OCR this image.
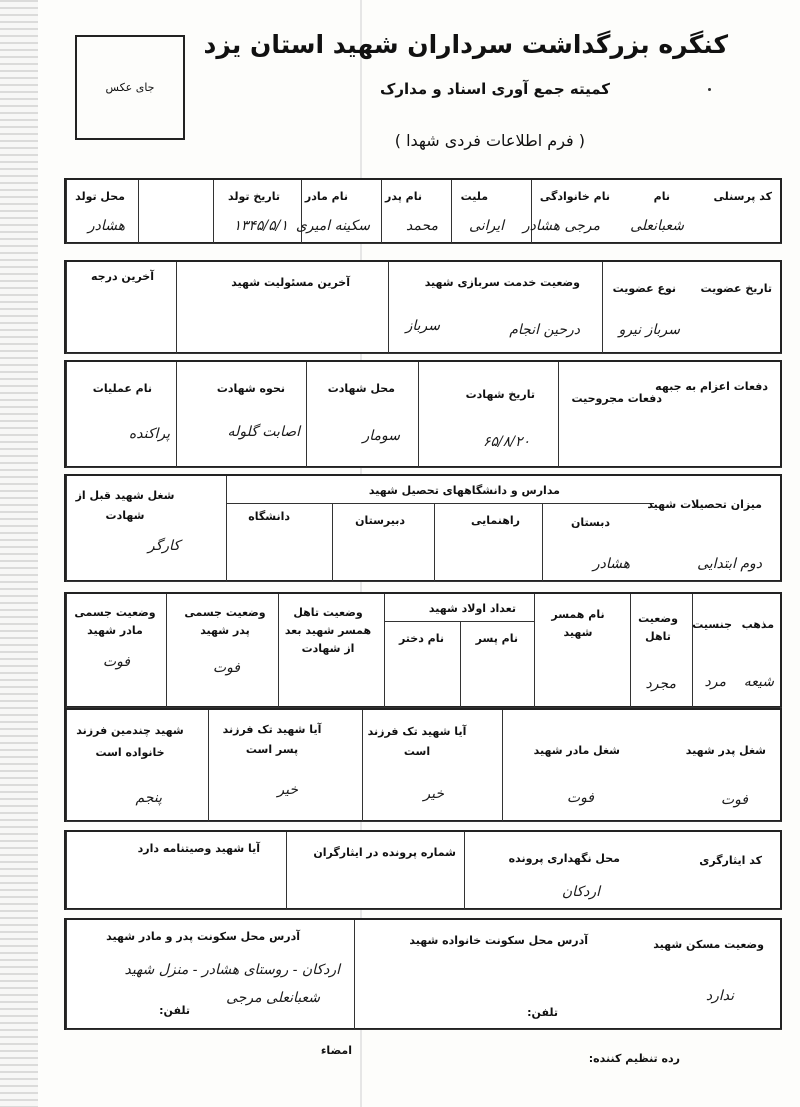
کنگره بزرگداشت سرداران شهید استان یزد
کمیته جمع آوری اسناد و مدارک
( فرم اطلاعات فردی شهدا )
جای عکس
کد پرسنلی
نام
نام خانوادگی
ملیت
نام پدر
نام مادر
تاریخ تولد
محل تولد
شعبانعلی
مرجی هشادر
ایرانی
محمد
سکینه امیری
۱۳۴۵/۵/۱
هشادر
تاریخ عضویت
نوع عضویت
وضعیت خدمت سربازی شهید
آخرین مسئولیت شهید
آخرین درجه
سرباز نیرو
درحین انجام
سرباز
دفعات اعزام به جبهه
دفعات مجروحیت
تاریخ شهادت
محل شهادت
نحوه شهادت
نام عملیات
۶۵/۸/۲۰
سومار
اصابت گلوله
پراکنده
میزان تحصیلات شهید
مدارس و دانشگاههای تحصیل شهید
دبستان
راهنمایی
دبیرستان
دانشگاه
شغل شهید قبل از شهادت
دوم ابتدایی
هشادر
کارگر
مذهب
جنسیت
وضعیت تاهل
نام همسر شهید
تعداد اولاد شهید
نام پسر
نام دختر
وضعیت تاهل همسر شهید بعد از شهادت
وضعیت جسمی پدر شهید
وضعیت جسمی مادر شهید
شیعه
مرد
مجرد
فوت
فوت
شغل پدر شهید
شغل مادر شهید
آیا شهید تک فرزند است
آیا شهید تک فرزند پسر است
شهید چندمین فرزند خانواده است
فوت
فوت
خیر
خیر
پنجم
کد ایثارگری
محل نگهداری پرونده
شماره پرونده در ایثارگران
آیا شهید وصیتنامه دارد
اردکان
وضعیت مسکن شهید
آدرس محل سکونت خانواده شهید
آدرس محل سکونت پدر و مادر شهید
ندارد
اردکان - روستای هشادر - منزل شهید
شعبانعلی مرجی
تلفن:
تلفن:
رده تنظیم کننده:
امضاء
